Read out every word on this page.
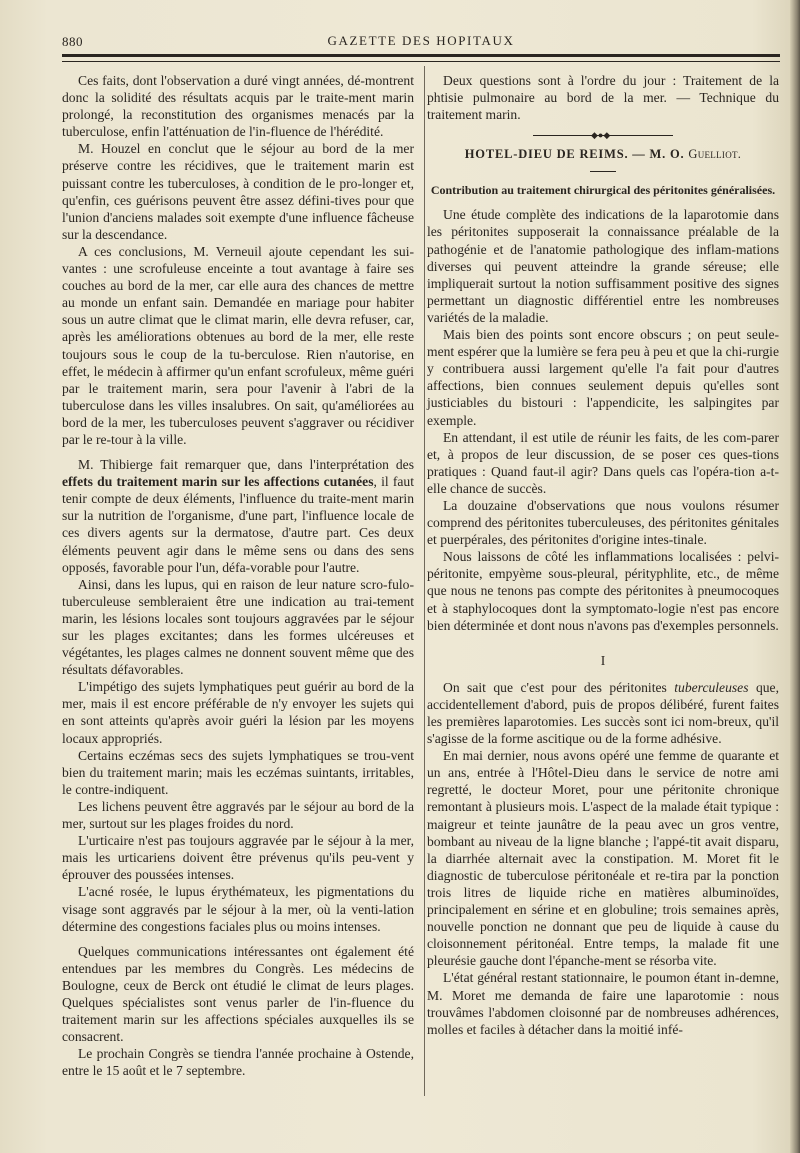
880	GAZETTE DES HOPITAUX

Ces faits, dont l'observation a duré vingt années, dé-montrent donc la solidité des résultats acquis par le traite-ment marin prolongé, la reconstitution des organismes menacés par la tuberculose, enfin l'atténuation de l'in-fluence de l'hérédité.

M. Houzel en conclut que le séjour au bord de la mer préserve contre les récidives, que le traitement marin est puissant contre les tuberculoses, à condition de le pro-longer et, qu'enfin, ces guérisons peuvent être assez défini-tives pour que l'union d'anciens malades soit exempte d'une influence fâcheuse sur la descendance.

A ces conclusions, M. Verneuil ajoute cependant les sui-vantes : une scrofuleuse enceinte a tout avantage à faire ses couches au bord de la mer, car elle aura des chances de mettre au monde un enfant sain. Demandée en mariage pour habiter sous un autre climat que le climat marin, elle devra refuser, car, après les améliorations obtenues au bord de la mer, elle reste toujours sous le coup de la tu-berculose. Rien n'autorise, en effet, le médecin à affirmer qu'un enfant scrofuleux, même guéri par le traitement marin, sera pour l'avenir à l'abri de la tuberculose dans les villes insalubres. On sait, qu'améliorées au bord de la mer, les tuberculoses peuvent s'aggraver ou récidiver par le re-tour à la ville.

M. Thibierge fait remarquer que, dans l'interprétation des effets du traitement marin sur les affections cutanées, il faut tenir compte de deux éléments, l'influence du traite-ment marin sur la nutrition de l'organisme, d'une part, l'influence locale de ces divers agents sur la dermatose, d'autre part. Ces deux éléments peuvent agir dans le même sens ou dans des sens opposés, favorable pour l'un, défa-vorable pour l'autre.

Ainsi, dans les lupus, qui en raison de leur nature scro-fulo-tuberculeuse sembleraient être une indication au trai-tement marin, les lésions locales sont toujours aggravées par le séjour sur les plages excitantes; dans les formes ulcéreuses et végétantes, les plages calmes ne donnent souvent même que des résultats défavorables.

L'impétigo des sujets lymphatiques peut guérir au bord de la mer, mais il est encore préférable de n'y envoyer les sujets qui en sont atteints qu'après avoir guéri la lésion par les moyens locaux appropriés.

Certains eczémas secs des sujets lymphatiques se trou-vent bien du traitement marin; mais les eczémas suintants, irritables, le contre-indiquent.

Les lichens peuvent être aggravés par le séjour au bord de la mer, surtout sur les plages froides du nord.

L'urticaire n'est pas toujours aggravée par le séjour à la mer, mais les urticariens doivent être prévenus qu'ils peu-vent y éprouver des poussées intenses.

L'acné rosée, le lupus érythémateux, les pigmentations du visage sont aggravés par le séjour à la mer, où la venti-lation détermine des congestions faciales plus ou moins intenses.

Quelques communications intéressantes ont également été entendues par les membres du Congrès. Les médecins de Boulogne, ceux de Berck ont étudié le climat de leurs plages. Quelques spécialistes sont venus parler de l'in-fluence du traitement marin sur les affections spéciales auxquelles ils se consacrent.

Le prochain Congrès se tiendra l'année prochaine à Ostende, entre le 15 août et le 7 septembre.

Deux questions sont à l'ordre du jour : Traitement de la phtisie pulmonaire au bord de la mer. — Technique du traitement marin.

◆●◆
HOTEL-DIEU DE REIMS. — M. O. Guelliot.
Contribution au traitement chirurgical des péritonites généralisées.

Une étude complète des indications de la laparotomie dans les péritonites supposerait la connaissance préalable de la pathogénie et de l'anatomie pathologique des inflam-mations diverses qui peuvent atteindre la grande séreuse; elle impliquerait surtout la notion suffisamment positive des signes permettant un diagnostic différentiel entre les nombreuses variétés de la maladie.

Mais bien des points sont encore obscurs ; on peut seule-ment espérer que la lumière se fera peu à peu et que la chi-rurgie y contribuera aussi largement qu'elle l'a fait pour d'autres affections, bien connues seulement depuis qu'elles sont justiciables du bistouri : l'appendicite, les salpingites par exemple.

En attendant, il est utile de réunir les faits, de les com-parer et, à propos de leur discussion, de se poser ces ques-tions pratiques : Quand faut-il agir? Dans quels cas l'opéra-tion a-t-elle chance de succès.

La douzaine d'observations que nous voulons résumer comprend des péritonites tuberculeuses, des péritonites génitales et puerpérales, des péritonites d'origine intes-tinale.

Nous laissons de côté les inflammations localisées : pelvi-péritonite, empyème sous-pleural, pérityphlite, etc., de même que nous ne tenons pas compte des péritonites à pneumocoques et à staphylocoques dont la symptomato-logie n'est pas encore bien déterminée et dont nous n'avons pas d'exemples personnels.

I

On sait que c'est pour des péritonites tuberculeuses que, accidentellement d'abord, puis de propos délibéré, furent faites les premières laparotomies. Les succès sont ici nom-breux, qu'il s'agisse de la forme ascitique ou de la forme adhésive.

En mai dernier, nous avons opéré une femme de quarante et un ans, entrée à l'Hôtel-Dieu dans le service de notre ami regretté, le docteur Moret, pour une péritonite chronique remontant à plusieurs mois. L'aspect de la malade était typique : maigreur et teinte jaunâtre de la peau avec un gros ventre, bombant au niveau de la ligne blanche ; l'appé-tit avait disparu, la diarrhée alternait avec la constipation. M. Moret fit le diagnostic de tuberculose péritonéale et re-tira par la ponction trois litres de liquide riche en matières albuminoïdes, principalement en sérine et en globuline; trois semaines après, nouvelle ponction ne donnant que peu de liquide à cause du cloisonnement péritonéal. Entre temps, la malade fit une pleurésie gauche dont l'épanche-ment se résorba vite.

L'état général restant stationnaire, le poumon étant in-demne, M. Moret me demanda de faire une laparotomie : nous trouvâmes l'abdomen cloisonné par de nombreuses adhérences, molles et faciles à détacher dans la moitié infé-
